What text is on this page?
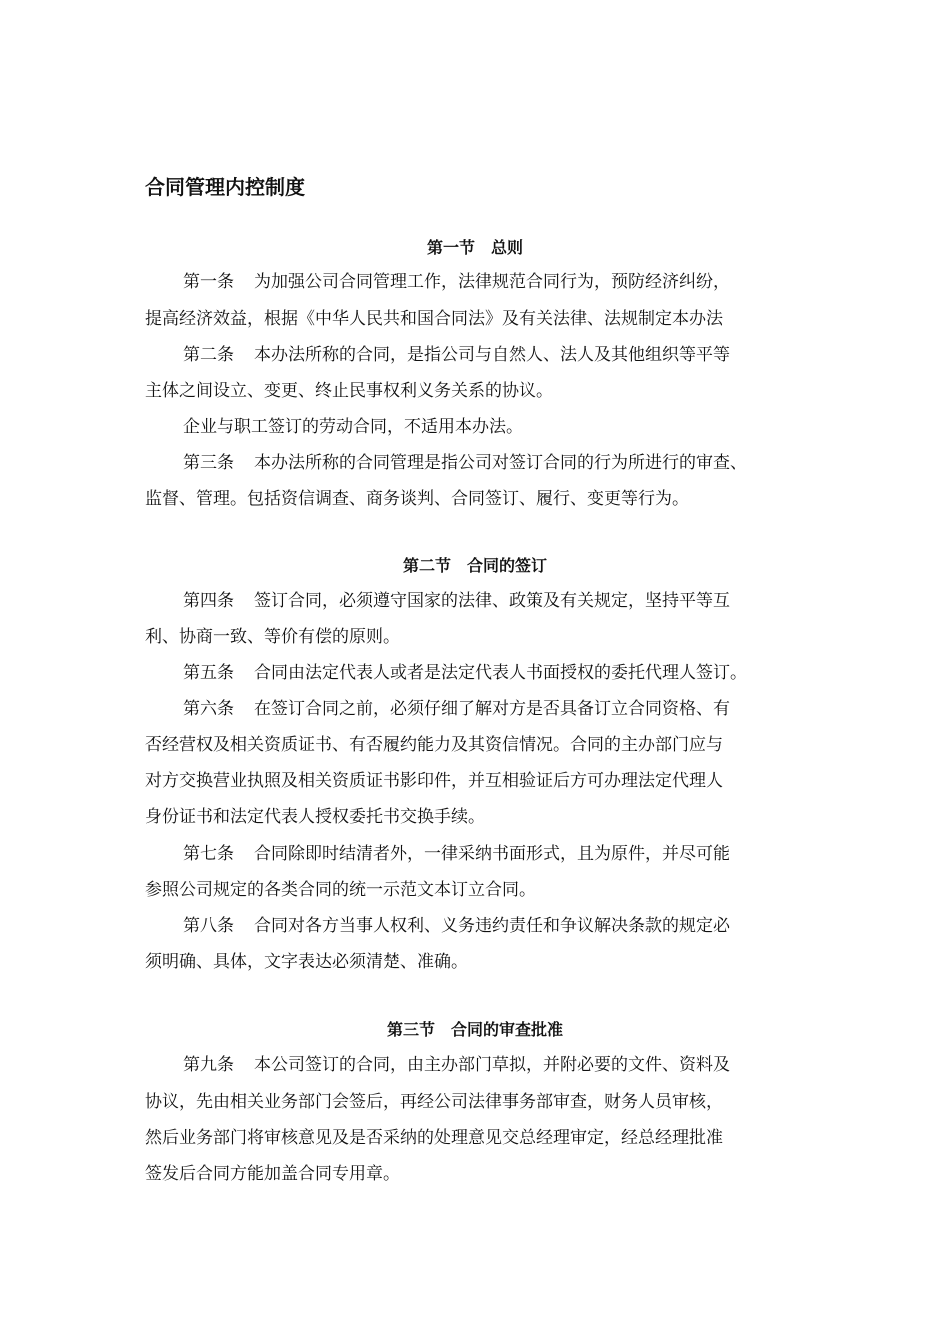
合同管理内控制度
第一节　总则

第一条 为加强公司合同管理工作，法律规范合同行为，预防经济纠纷，

提高经济效益，根据《中华人民共和国合同法》及有关法律、法规制定本办法

第二条 本办法所称的合同，是指公司与自然人、法人及其他组织等平等

主体之间设立、变更、终止民事权利义务关系的协议。

企业与职工签订的劳动合同，不适用本办法。

第三条 本办法所称的合同管理是指公司对签订合同的行为所进行的审查、

监督、管理。包括资信调查、商务谈判、合同签订、履行、变更等行为。

第二节　合同的签订

第四条 签订合同，必须遵守国家的法律、政策及有关规定，坚持平等互

利、协商一致、等价有偿的原则。

第五条 合同由法定代表人或者是法定代表人书面授权的委托代理人签订。

第六条 在签订合同之前，必须仔细了解对方是否具备订立合同资格、有

否经营权及相关资质证书、有否履约能力及其资信情况。合同的主办部门应与

对方交换营业执照及相关资质证书影印件，并互相验证后方可办理法定代理人

身份证书和法定代表人授权委托书交换手续。

第七条 合同除即时结清者外，一律采纳书面形式，且为原件，并尽可能

参照公司规定的各类合同的统一示范文本订立合同。

第八条 合同对各方当事人权利、义务违约责任和争议解决条款的规定必

须明确、具体，文字表达必须清楚、准确。

第三节　合同的审查批准

第九条 本公司签订的合同，由主办部门草拟，并附必要的文件、资料及

协议，先由相关业务部门会签后，再经公司法律事务部审查，财务人员审核，

然后业务部门将审核意见及是否采纳的处理意见交总经理审定，经总经理批准

签发后合同方能加盖合同专用章。
